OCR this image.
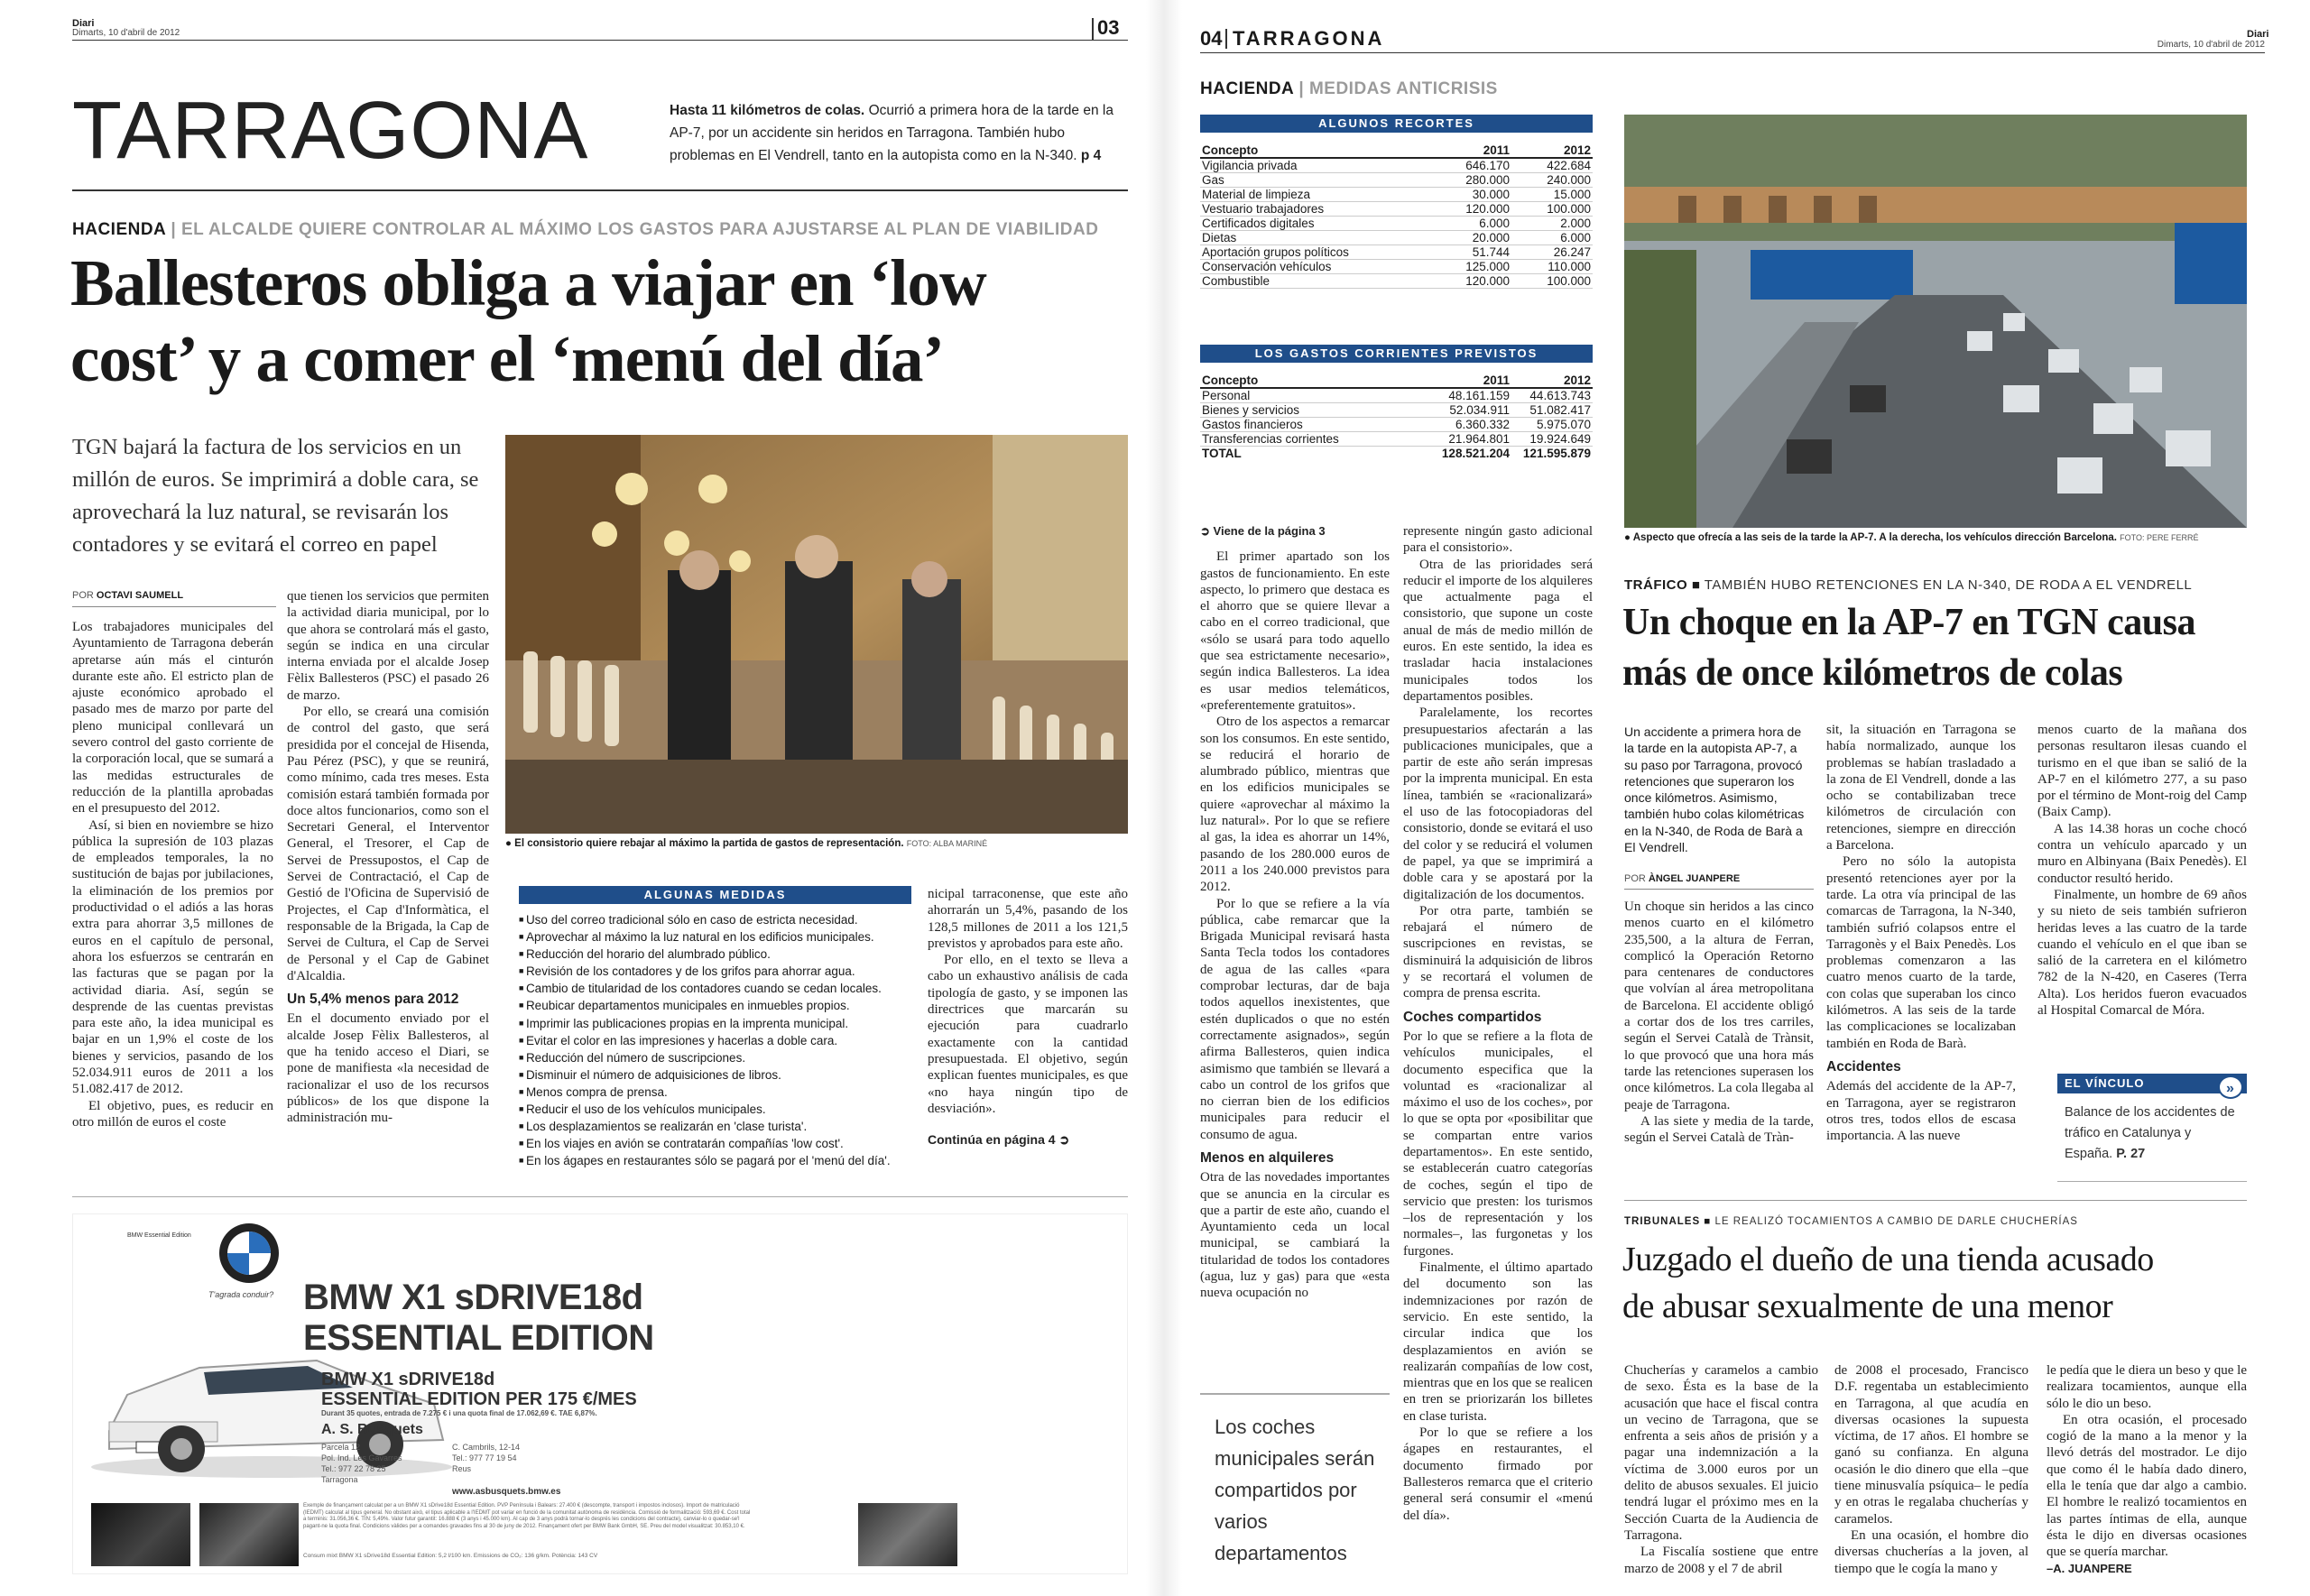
Diari
Dimarts, 10 d'abril de 2012	03
TARRAGONA	Hasta 11 kilómetros de colas. Ocurrió a primera hora de la tarde en la AP-7, por un accidente sin heridos en Tarragona. También hubo problemas en El Vendrell, tanto en la autopista como en la N-340. p 4
HACIENDA | EL ALCALDE QUIERE CONTROLAR AL MÁXIMO LOS GASTOS PARA AJUSTARSE AL PLAN DE VIABILIDAD
Ballesteros obliga a viajar en ‘low
cost’ y a comer el ‘menú del día’
TGN bajará la factura de los servicios en un millón de euros. Se imprimirá a doble cara, se aprovechará la luz natural, se revisarán los contadores y se evitará el correo en papel
● El consistorio quiere rebajar al máximo la partida de gastos de representación. FOTO: ALBA MARINÉ
POR OCTAVI SAUMELL

Los trabajadores municipales del Ayuntamiento de Tarragona deberán apretarse aún más el cinturón durante este año. El estricto plan de ajuste económico aprobado el pasado mes de marzo por parte del pleno municipal conllevará un severo control del gasto corriente de la corporación local, que se sumará a las medidas estructurales de reducción de la plantilla aprobadas en el presupuesto del 2012.

Así, si bien en noviembre se hizo pública la supresión de 103 plazas de empleados temporales, la no sustitución de bajas por jubilaciones, la eliminación de los premios por productividad o el adiós a las horas extra para ahorrar 3,5 millones de euros en el capítulo de personal, ahora los esfuerzos se centrarán en las facturas que se pagan por la actividad diaria. Así, según se desprende de las cuentas previstas para este año, la idea municipal es bajar en un 1,9% el coste de los bienes y servicios, pasando de los 52.034.911 euros de 2011 a los 51.082.417 de 2012.

El objetivo, pues, es reducir en otro millón de euros el coste

que tienen los servicios que permiten la actividad diaria municipal, por lo que ahora se controlará más el gasto, según se indica en una circular interna enviada por el alcalde Josep Fèlix Ballesteros (PSC) el pasado 26 de marzo.

Por ello, se creará una comisión de control del gasto, que será presidida por el concejal de Hisenda, Pau Pérez (PSC), y que se reunirá, como mínimo, cada tres meses. Esta comisión estará también formada por doce altos funcionarios, como son el Secretari General, el Interventor General, el Tresorer, el Cap de Servei de Pressupostos, el Cap de Servei de Contractació, el Cap de Gestió de l'Oficina de Supervisió de Projectes, el Cap d'Informàtica, el responsable de la Brigada, la Cap de Servei de Cultura, el Cap de Servei de Personal y el Cap de Gabinet d'Alcaldia.

Un 5,4% menos para 2012

En el documento enviado por el alcalde Josep Fèlix Ballesteros, al que ha tenido acceso el Diari, se pone de manifiesta «la necesidad de racionalizar el uso de los recursos públicos» de los que dispone la administración mu-

ALGUNAS MEDIDAS
■ Uso del correo tradicional sólo en caso de estricta necesidad.
■ Aprovechar al máximo la luz natural en los edificios municipales.
■ Reducción del horario del alumbrado público.
■ Revisión de los contadores y de los grifos para ahorrar agua.
■ Cambio de titularidad de los contadores cuando se cedan locales.
■ Reubicar departamentos municipales en inmuebles propios.
■ Imprimir las publicaciones propias en la imprenta municipal.
■ Evitar el color en las impresiones y hacerlas a doble cara.
■ Reducción del número de suscripciones.
■ Disminuir el número de adquisiciones de libros.
■ Menos compra de prensa.
■ Reducir el uso de los vehículos municipales.
■ Los desplazamientos se realizarán en 'clase turista'.
■ En los viajes en avión se contratarán compañías 'low cost'.
■ En los ágapes en restaurantes sólo se pagará por el 'menú del día'.

nicipal tarraconense, que este año ahorrarán un 5,4%, pasando de los 128,5 millones de 2011 a los 121,5 previstos y aprobados para este año.

Por ello, en el texto se lleva a cabo un exhaustivo análisis de cada tipología de gasto, y se imponen las directrices que marcarán su ejecución para cuadrarlo exactamente con la cantidad presupuestada. El objetivo, según explican fuentes municipales, es que «no haya ningún tipo de desviación».

Continúa en página 4 ➲
BMW Essential Edition
T'agrada conduir? BMW X1 sDRIVE18d
ESSENTIAL EDITION
BMW X1 sDRIVE18d
ESSENTIAL EDITION PER 175 €/MES
Durant 35 quotes, entrada de 7.275 € i una quota final de 17.062,69 €. TAE 6,87%.
A. S. Busquets
Parcela 12
Pol. Ind. Les Gavarres
Tel.: 977 22 78 25
Tarragona
C. Cambrils, 12-14
Tel.: 977 77 19 54
Reus
www.asbusquets.bmw.es
Exemple de finançament calculat per a un BMW X1 sDrive18d Essential Edition. PVP Península i Balears: 27.400 € (descompte, transport i impostos inclosos). Import de matriculació (IEDMT) calculat al tipus general. No obstant això, el tipus aplicable a l'IEDMT pot variar en funció de la comunitat autònoma de residència. Comissió de formalització: 593,69 €. Cost total a terminis: 31.056,36 €. TIN: 5,49%. Valor futur garantit: 16.888 € (3 anys i 45.000 km). Al cap de 3 anys podrà tornar-lo després les condicions del contracte), canviar-lo o quedar-se'l pagant-ne la quota final. Condicions vàlides per a comandes gravades fins al 30 de juny de 2012. Finançament ofert per BMW Bank GmbH, SE. Preu del model visualitzat: 30.853,10 €.
Consum mixt BMW X1 sDrive18d Essential Edition: 5,2 l/100 km. Emissions de CO₂: 136 g/km. Potència: 143 CV
04 TARRAGONA	Diari
Dimarts, 10 d'abril de 2012
HACIENDA | MEDIDAS ANTICRISIS
ALGUNOS RECORTES
Concepto	2011	2012
Vigilancia privada	646.170	422.684
Gas	280.000	240.000
Material de limpieza	30.000	15.000
Vestuario trabajadores	120.000	100.000
Certificados digitales	6.000	2.000
Dietas	20.000	6.000
Aportación grupos políticos	51.744	26.247
Conservación vehículos	125.000	110.000
Combustible	120.000	100.000
LOS GASTOS CORRIENTES PREVISTOS
Concepto	2011	2012
Personal	48.161.159	44.613.743
Bienes y servicios	52.034.911	51.082.417
Gastos financieros	6.360.332	5.975.070
Transferencias corrientes	21.964.801	19.924.649
TOTAL	128.521.204	121.595.879
➲ Viene de la página 3

El primer apartado son los gastos de funcionamiento. En este aspecto, lo primero que destaca es el ahorro que se quiere llevar a cabo en el correo tradicional, que «sólo se usará para todo aquello que sea estrictamente necesario», según indica Ballesteros. La idea es usar medios telemáticos, «preferentemente gratuitos».

Otro de los aspectos a remarcar son los consumos. En este sentido, se reducirá el horario de alumbrado público, mientras que en los edificios municipales se quiere «aprovechar al máximo la luz natural». Por lo que se refiere al gas, la idea es ahorrar un 14%, pasando de los 280.000 euros de 2011 a los 240.000 previstos para 2012.

Por lo que se refiere a la vía pública, cabe remarcar que la Brigada Municipal revisará hasta Santa Tecla todos los contadores de agua de las calles «para comprobar lecturas, dar de baja todos aquellos inexistentes, que estén duplicados o que no estén correctamente asignados», según afirma Ballesteros, quien indica asimismo que también se llevará a cabo un control de los grifos que no cierran bien de los edificios municipales para reducir el consumo de agua.

Menos en alquileres

Otra de las novedades importantes que se anuncia en la circular es que a partir de este año, cuando el Ayuntamiento ceda un local municipal, se cambiará la titularidad de todos los contadores (agua, luz y gas) para que «esta nueva ocupación no

Los coches municipales serán compartidos por varios departamentos

represente ningún gasto adicional para el consistorio».

Otra de las prioridades será reducir el importe de los alquileres que actualmente paga el consistorio, que supone un coste anual de más de medio millón de euros. En este sentido, la idea es trasladar hacia instalaciones municipales todos los departamentos posibles.

Paralelamente, los recortes presupuestarios afectarán a las publicaciones municipales, que a partir de este año serán impresas por la imprenta municipal. En esta línea, también se «racionalizará» el uso de las fotocopiadoras del consistorio, donde se evitará el uso del color y se reducirá el volumen de papel, ya que se imprimirá a doble cara y se apostará por la digitalización de los documentos.

Por otra parte, también se rebajará el número de suscripciones en revistas, se disminuirá la adquisición de libros y se recortará el volumen de compra de prensa escrita.

Coches compartidos

Por lo que se refiere a la flota de vehículos municipales, el documento especifica que la voluntad es «racionalizar al máximo el uso de los coches», por lo que se opta por «posibilitar que se compartan entre varios departamentos». En este sentido, se establecerán cuatro categorías de coches, según el tipo de servicio que presten: los turismos –los de representación y los normales–, las furgonetas y los furgones.

Finalmente, el último apartado del documento son las indemnizaciones por razón de servicio. En este sentido, la circular indica que los desplazamientos en avión se realizarán compañías de low cost, mientras que en los que se realicen en tren se priorizarán los billetes en clase turista.

Por lo que se refiere a los ágapes en restaurantes, el documento firmado por Ballesteros remarca que el criterio general será consumir el «menú del día».

● Aspecto que ofrecía a las seis de la tarde la AP-7. A la derecha, los vehículos dirección Barcelona. FOTO: PERE FERRÉ
TRÁFICO ■ TAMBIÉN HUBO RETENCIONES EN LA N-340, DE RODA A EL VENDRELL
Un choque en la AP-7 en TGN causa
más de once kilómetros de colas
Un accidente a primera hora de la tarde en la autopista AP-7, a su paso por Tarragona, provocó retenciones que superaron los once kilómetros. Asimismo, también hubo colas kilométricas en la N-340, de Roda de Barà a El Vendrell.
POR ÀNGEL JUANPERE

Un choque sin heridos a las cinco menos cuarto en el kilómetro 235,500, a la altura de Ferran, complicó la Operación Retorno para centenares de conductores que volvían al área metropolitana de Barcelona. El accidente obligó a cortar dos de los tres carriles, según el Servei Català de Trànsit, lo que provocó que una hora más tarde las retenciones superasen los once kilómetros. La cola llegaba al peaje de Tarragona.

A las siete y media de la tarde, según el Servei Català de Tràn-

sit, la situación en Tarragona se había normalizado, aunque los problemas se habían trasladado a la zona de El Vendrell, donde a las ocho se contabilizaban trece kilómetros de circulación con retenciones, siempre en dirección a Barcelona.

Pero no sólo la autopista presentó retenciones ayer por la tarde. La otra vía principal de las comarcas de Tarragona, la N-340, también sufrió colapsos entre el Tarragonès y el Baix Penedès. Los problemas comenzaron a las cuatro menos cuarto de la tarde, con colas que superaban los cinco kilómetros. A las seis de la tarde las complicaciones se localizaban también en Roda de Barà.

Accidentes

Además del accidente de la AP-7, en Tarragona, ayer se registraron otros tres, todos ellos de escasa importancia. A las nueve

menos cuarto de la mañana dos personas resultaron ilesas cuando el turismo en el que iban se salió de la AP-7 en el kilómetro 277, a su paso por el término de Mont-roig del Camp (Baix Camp).

A las 14.38 horas un coche chocó contra un vehículo aparcado y un muro en Albinyana (Baix Penedès). El conductor resultó herido.

Finalmente, un hombre de 69 años y su nieto de seis también sufrieron heridas leves a las cuatro de la tarde cuando el vehículo en el que iban se salió de la carretera en el kilómetro 782 de la N-420, en Caseres (Terra Alta). Los heridos fueron evacuados al Hospital Comarcal de Móra.

EL VÍNCULO	»
Balance de los accidentes de tráfico en Catalunya y España. P. 27
TRIBUNALES ■ LE REALIZÓ TOCAMIENTOS A CAMBIO DE DARLE CHUCHERÍAS
Juzgado el dueño de una tienda acusado
de abusar sexualmente de una menor

Chucherías y caramelos a cambio de sexo. Ésta es la base de la acusación que hace el fiscal contra un vecino de Tarragona, que se enfrenta a seis años de prisión y a pagar una indemnización a la víctima de 3.000 euros por un delito de abusos sexuales. El juicio tendrá lugar el próximo mes en la Sección Cuarta de la Audiencia de Tarragona.

La Fiscalía sostiene que entre marzo de 2008 y el 7 de abril

de 2008 el procesado, Francisco D.F. regentaba un establecimiento en Tarragona, al que acudía en diversas ocasiones la supuesta víctima, de 17 años. El hombre se ganó su confianza. En alguna ocasión le dio dinero que ella –que tiene minusvalía psíquica– le pedía y en otras le regalaba chucherías y caramelos.

En una ocasión, el hombre dio diversas chucherías a la joven, al tiempo que le cogía la mano y

le pedía que le diera un beso y que le realizara tocamientos, aunque ella sólo le dio un beso.

En otra ocasión, el procesado cogió de la mano a la menor y la llevó detrás del mostrador. Le dijo que como él le había dado dinero, ella le tenía que dar algo a cambio. El hombre le realizó tocamientos en las partes íntimas de ella, aunque ésta le dijo en diversas ocasiones que se quería marchar.

–A. JUANPERE
